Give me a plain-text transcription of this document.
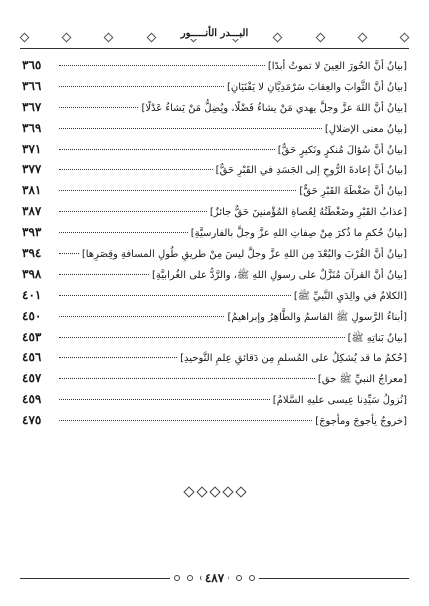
البـــدر الأنـــــور
[بيانُ أنَّ الحُورَ العِينَ لا تموتُ أبدًا]
٣٦٥
[بيانُ أنَّ الثَّوابَ والعِقابَ سَرْمَدِيَّانِ لا يَفْنَيَانِ]
٣٦٦
[بيانُ أنَّ اللهَ عزَّ وجلَّ يهدي مَنْ يشاءُ فَضْلًا، ويُضِلُّ مَنْ يَشاءُ عَدْلًا]
٣٦٧
[بيانُ معنى الإضلالِ]
٣٦٩
[بيانُ أنَّ سُؤالَ مُنكرٍ ونَكيرٍ حَقٌّ]
٣٧١
[بيانُ أنَّ إعادةَ الرُّوحِ إلى الجَسَدِ في القَبْرِ حَقٌّ]
٣٧٧
[بيانُ أنَّ ضَغْطَةَ القَبْرِ حَقٌّ]
٣٨١
[عذابُ القَبْرِ وضَغْطَتُهُ لِعُصاةِ المُؤْمنينَ حَقٌّ جائزٌ]
٣٨٧
[بيانُ حُكمِ ما ذُكرَ مِنْ صِفاتِ اللهِ عزَّ وجلَّ بالفارسيَّةِ]
٣٩٣
[بيانُ أنَّ القُرْبَ والبُعْدَ مِن اللهِ عزَّ وجلَّ ليسَ مِنْ طريقِ طُولِ المسافةِ وقِصَرِها]
٣٩٤
[بيانُ أنَّ القرآنَ مُنَزَّلٌ على رسولِ اللهِ ﷺ، والرَّدُّ على الغُرابيَّةِ]
٣٩٨
[الكلامُ في والِدَيِ النَّبيِّ ﷺ]
٤٠١
[أبناءُ الرَّسولِ ﷺ القاسمُ والطَّاهِرُ وإبراهيمُ]
٤٥٠
[بيانُ بَناتِهِ ﷺ]
٤٥٣
[حُكمُ ما قد يُشكِلُ على المُسلمِ مِن دَقائقِ عِلمِ التَّوحيدِ]
٤٥٦
[معراجُ النبيِّ ﷺ حق]
٤٥٧
[نُزولُ سَيِّدِنا عِيسى عليهِ السَّلامُ]
٤٥٩
[خروجُ يأجوجَ ومأجوجَ]
٤٧٥
٤٨٧
